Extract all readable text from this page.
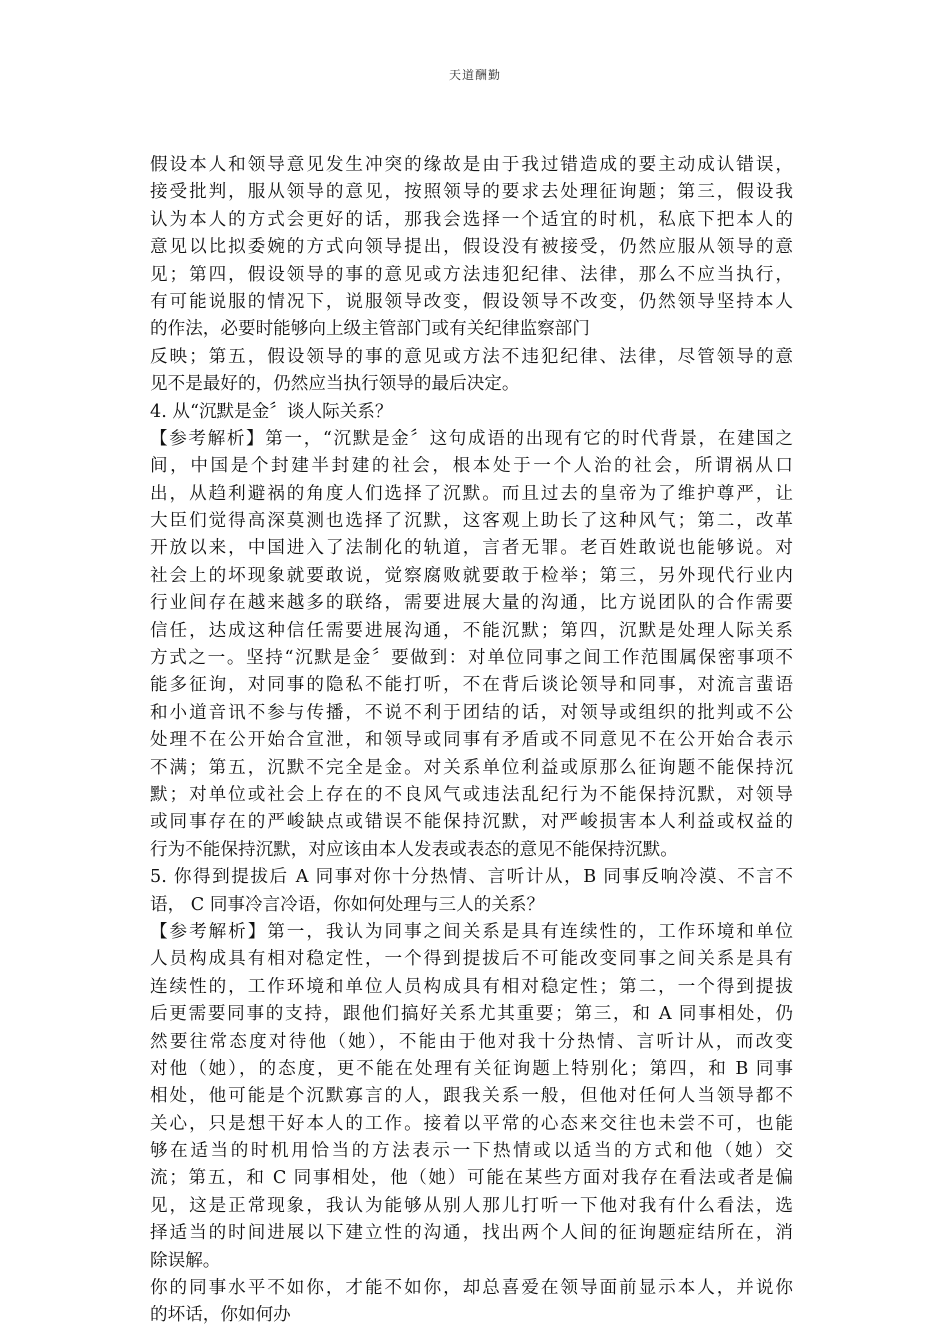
天道酬勤
假设本人和领导意见发生冲突的缘故是由于我过错造成的要主动成认错误，
接受批判，服从领导的意见，按照领导的要求去处理征询题；第三，假设我
认为本人的方式会更好的话，那我会选择一个适宜的时机，私底下把本人的
意见以比拟委婉的方式向领导提出，假设没有被接受，仍然应服从领导的意
见；第四，假设领导的事的意见或方法违犯纪律、法律，那么不应当执行，
有可能说服的情况下，说服领导改变，假设领导不改变，仍然领导坚持本人
的作法，必要时能够向上级主管部门或有关纪律监察部门
反映；第五，假设领导的事的意见或方法不违犯纪律、法律，尽管领导的意
见不是最好的，仍然应当执行领导的最后决定。
4. 从“沉默是金〞谈人际关系？
【参考解析】第一，“沉默是金〞这句成语的出现有它的时代背景，在建国之
间，中国是个封建半封建的社会，根本处于一个人治的社会，所谓祸从口
出，从趋利避祸的角度人们选择了沉默。而且过去的皇帝为了维护尊严，让
大臣们觉得高深莫测也选择了沉默，这客观上助长了这种风气；第二，改革
开放以来，中国进入了法制化的轨道，言者无罪。老百姓敢说也能够说。对
社会上的坏现象就要敢说，觉察腐败就要敢于检举；第三，另外现代行业内
行业间存在越来越多的联络，需要进展大量的沟通，比方说团队的合作需要
信任，达成这种信任需要进展沟通，不能沉默；第四，沉默是处理人际关系
方式之一。坚持“沉默是金〞要做到：对单位同事之间工作范围属保密事项不
能多征询，对同事的隐私不能打听，不在背后谈论领导和同事，对流言蜚语
和小道音讯不参与传播，不说不利于团结的话，对领导或组织的批判或不公
处理不在公开始合宣泄，和领导或同事有矛盾或不同意见不在公开始合表示
不满；第五，沉默不完全是金。对关系单位利益或原那么征询题不能保持沉
默；对单位或社会上存在的不良风气或违法乱纪行为不能保持沉默，对领导
或同事存在的严峻缺点或错误不能保持沉默，对严峻损害本人利益或权益的
行为不能保持沉默，对应该由本人发表或表态的意见不能保持沉默。
5. 你得到提拔后 A 同事对你十分热情、言听计从，B 同事反响冷漠、不言不
语， C 同事冷言冷语，你如何处理与三人的关系？
【参考解析】第一，我认为同事之间关系是具有连续性的，工作环境和单位
人员构成具有相对稳定性，一个得到提拔后不可能改变同事之间关系是具有
连续性的，工作环境和单位人员构成具有相对稳定性；第二，一个得到提拔
后更需要同事的支持，跟他们搞好关系尤其重要；第三，和 A 同事相处，仍
然要往常态度对待他（她），不能由于他对我十分热情、言听计从，而改变
对他（她），的态度，更不能在处理有关征询题上特别化；第四，和 B 同事
相处，他可能是个沉默寡言的人，跟我关系一般，但他对任何人当领导都不
关心，只是想干好本人的工作。接着以平常的心态来交往也未尝不可，也能
够在适当的时机用恰当的方法表示一下热情或以适当的方式和他（她）交
流；第五，和 C 同事相处，他（她）可能在某些方面对我存在看法或者是偏
见，这是正常现象，我认为能够从别人那儿打听一下他对我有什么看法，选
择适当的时间进展以下建立性的沟通，找出两个人间的征询题症结所在，消
除误解。
你的同事水平不如你，才能不如你，却总喜爱在领导面前显示本人，并说你
的坏话，你如何办
